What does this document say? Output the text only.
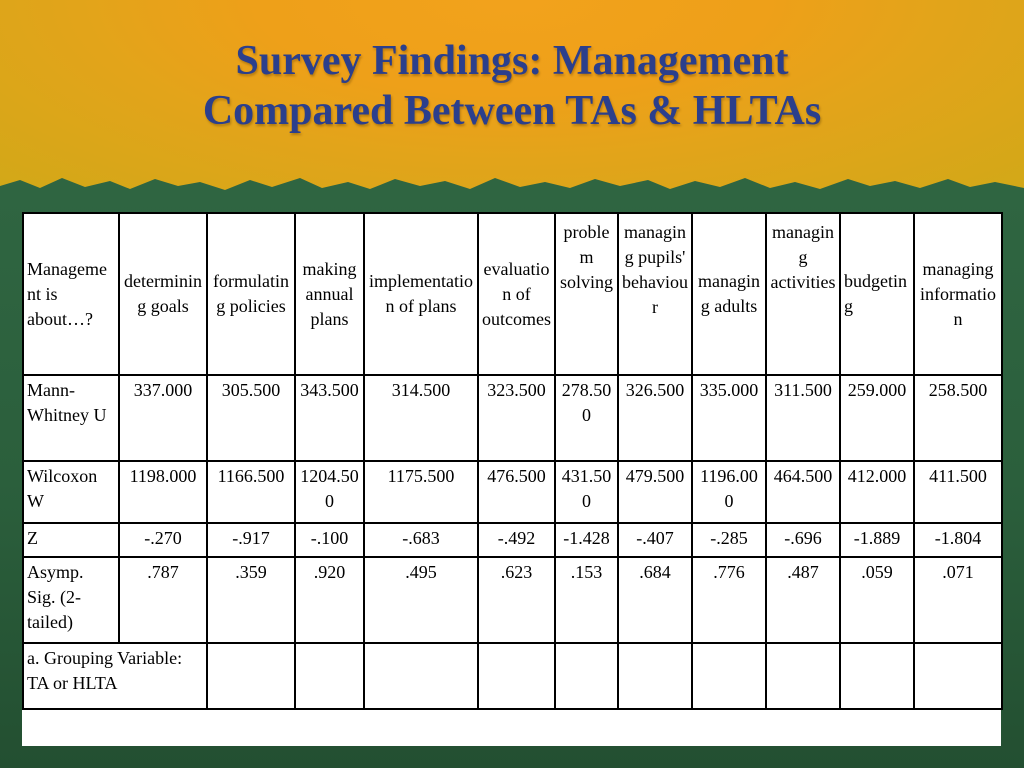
Survey Findings: Management
Compared Between TAs & HLTAs
Management is about…?	determining goals	formulating policies	making annual plans	implementation of plans	evaluation of outcomes	problem solving	managing pupils' behaviour	managing adults	managing activities	budgeting	managing information
Mann-Whitney U	337.000	305.500	343.500	314.500	323.500	278.500	326.500	335.000	311.500	259.000	258.500
Wilcoxon W	1198.000	1166.500	1204.500	1175.500	476.500	431.500	479.500	1196.000	464.500	412.000	411.500
Z	-.270	-.917	-.100	-.683	-.492	-1.428	-.407	-.285	-.696	-1.889	-1.804
Asymp. Sig. (2-tailed)	.787	.359	.920	.495	.623	.153	.684	.776	.487	.059	.071
a. Grouping Variable: TA or HLTA											
